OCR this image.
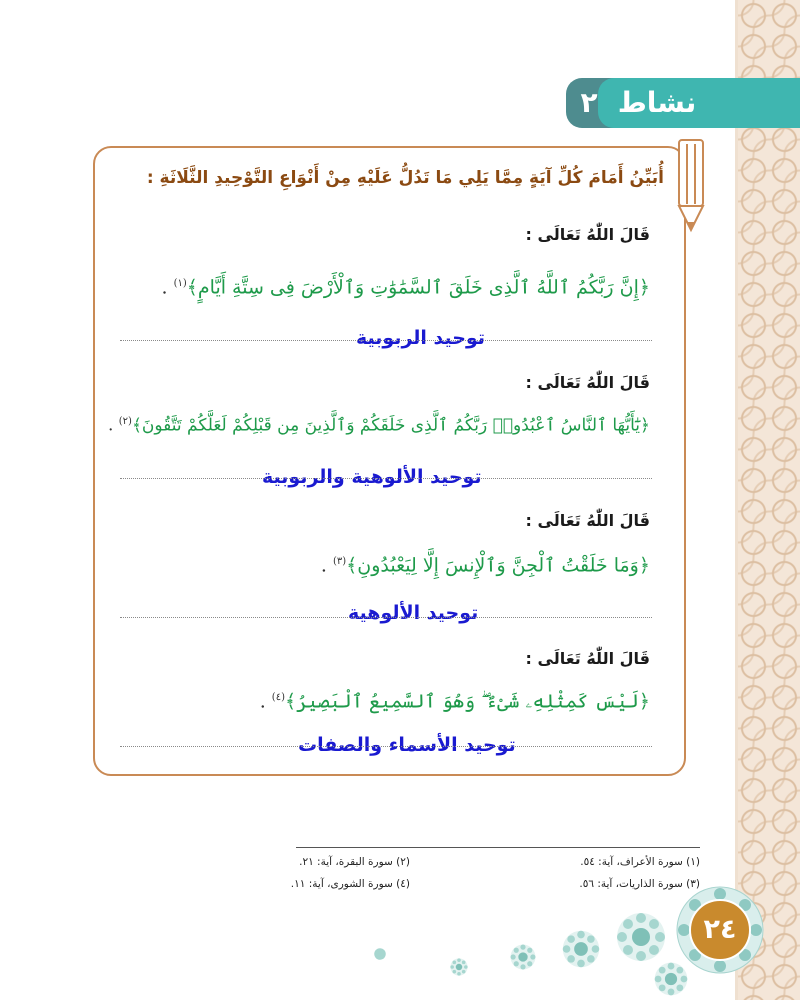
٢ نشاط
أُبَيِّنُ أَمَامَ كُلِّ آيَةٍ مِمَّا يَلِي مَا تَدُلُّ عَلَيْهِ مِنْ أَنْوَاعِ التَّوْحِيدِ الثَّلَاثَةِ :
قَالَ اللّٰهُ تَعَالَى :
﴿إِنَّ رَبَّكُمُ ٱللَّهُ ٱلَّذِى خَلَقَ ٱلسَّمَٰوَٰتِ وَٱلْأَرْضَ فِى سِتَّةِ أَيَّامٍ﴾$^{(١)}$ .
توحيد الربوبية
قَالَ اللّٰهُ تَعَالَى :
﴿يَٰٓأَيُّهَا ٱلنَّاسُ ٱعْبُدُوا۟ رَبَّكُمُ ٱلَّذِى خَلَقَكُمْ وَٱلَّذِينَ مِن قَبْلِكُمْ لَعَلَّكُمْ تَتَّقُونَ﴾$^{(٢)}$ .
توحيد الألوهية والربوبية
قَالَ اللّٰهُ تَعَالَى :
﴿وَمَا خَلَقْتُ ٱلْجِنَّ وَٱلْإِنسَ إِلَّا لِيَعْبُدُونِ﴾$^{(٣)}$ .
توحيد الألوهية
قَالَ اللّٰهُ تَعَالَى :
﴿لَيْسَ كَمِثْلِهِۦ شَىْءٌ ۖ وَهُوَ ٱلسَّمِيعُ ٱلْبَصِيرُ﴾$^{(٤)}$ .
توحيد الأسماء والصفات
(١) سورة الأعراف، آية: ٥٤.
(٢) سورة البقرة، آية: ٢١.
(٣) سورة الذاريات، آية: ٥٦.
(٤) سورة الشورى، آية: ١١.
٢٤
